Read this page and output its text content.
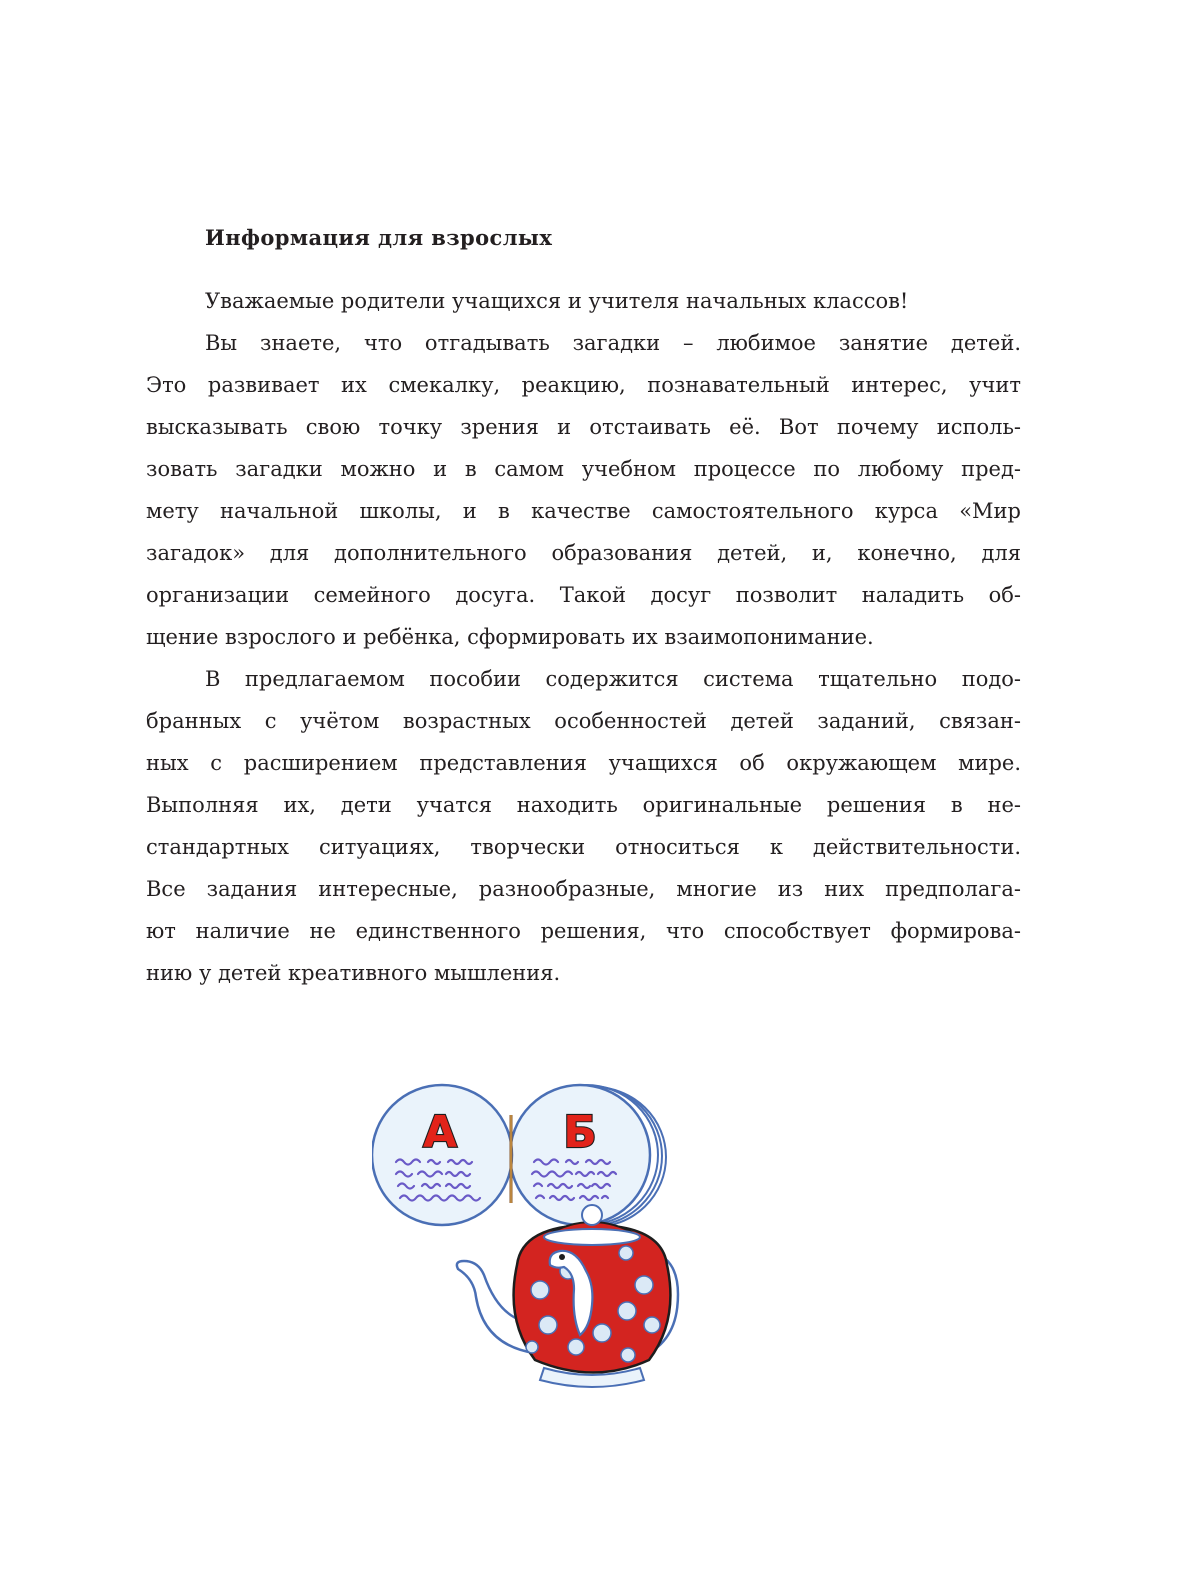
Информация для взрослых
Уважаемые родители учащихся и учителя начальных классов!
Вы знаете, что отгадывать загадки – любимое занятие детей.
Это развивает их смекалку, реакцию, познавательный интерес, учит
высказывать свою точку зрения и отстаивать её. Вот почему исполь-
зовать загадки можно и в самом учебном процессе по любому пред-
мету начальной школы, и в качестве самостоятельного курса «Мир
загадок» для дополнительного образования детей, и, конечно, для
организации семейного досуга. Такой досуг позволит наладить об-
щение взрослого и ребёнка, сформировать их взаимопонимание.
В предлагаемом пособии содержится система тщательно подо-
бранных с учётом возрастных особенностей детей заданий, связан-
ных с расширением представления учащихся об окружающем мире.
Выполняя их, дети учатся находить оригинальные решения в не-
стандартных ситуациях, творчески относиться к действительности.
Все задания интересные, разнообразные, многие из них предполага-
ют наличие не единственного решения, что способствует формирова-
нию у детей креативного мышления.
Б
А
